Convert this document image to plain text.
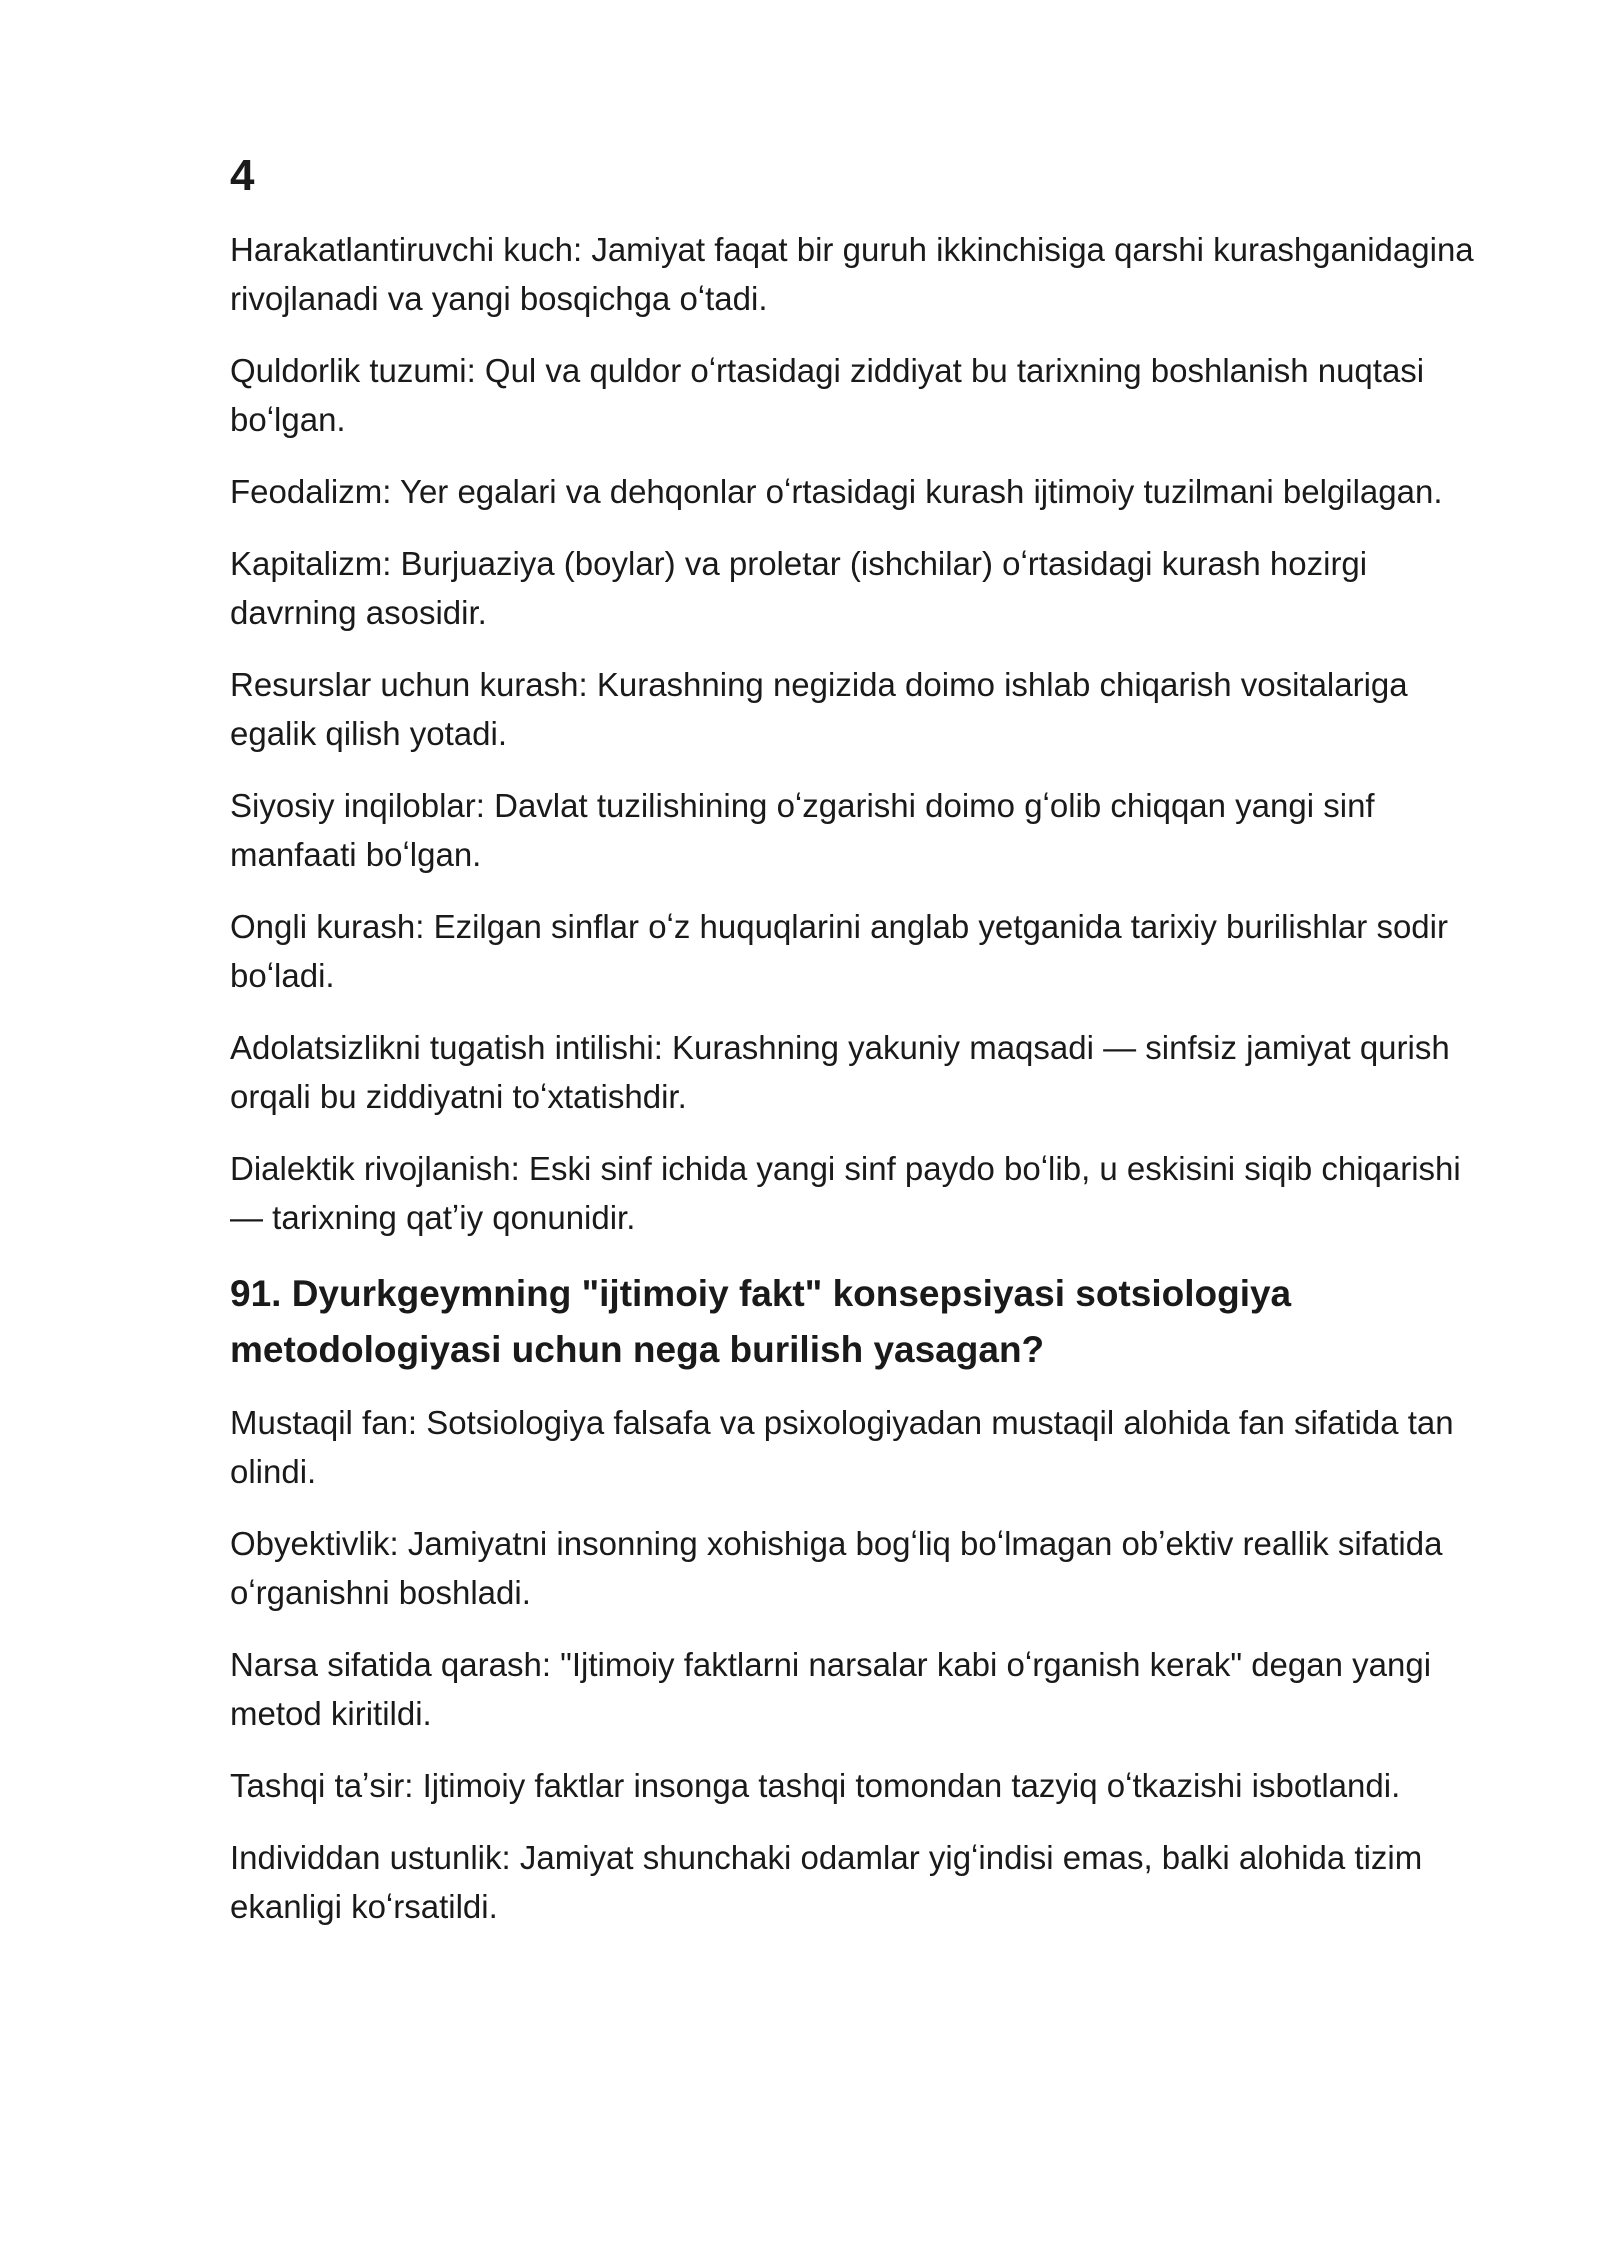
4

Harakatlantiruvchi kuch: Jamiyat faqat bir guruh ikkinchisiga qarshi kurashganidagina rivojlanadi va yangi bosqichga oʻtadi.

Quldorlik tuzumi: Qul va quldor oʻrtasidagi ziddiyat bu tarixning boshlanish nuqtasi boʻlgan.

Feodalizm: Yer egalari va dehqonlar oʻrtasidagi kurash ijtimoiy tuzilmani belgilagan.

Kapitalizm: Burjuaziya (boylar) va proletar (ishchilar) oʻrtasidagi kurash hozirgi davrning asosidir.

Resurslar uchun kurash: Kurashning negizida doimo ishlab chiqarish vositalariga egalik qilish yotadi.

Siyosiy inqiloblar: Davlat tuzilishining oʻzgarishi doimo gʻolib chiqqan yangi sinf manfaati boʻlgan.

Ongli kurash: Ezilgan sinflar oʻz huquqlarini anglab yetganida tarixiy burilishlar sodir boʻladi.

Adolatsizlikni tugatish intilishi: Kurashning yakuniy maqsadi — sinfsiz jamiyat qurish orqali bu ziddiyatni toʻxtatishdir.

Dialektik rivojlanish: Eski sinf ichida yangi sinf paydo boʻlib, u eskisini siqib chiqarishi — tarixning qatʼiy qonunidir.

91. Dyurkgeymning "ijtimoiy fakt" konsepsiyasi sotsiologiya metodologiyasi uchun nega burilish yasagan?

Mustaqil fan: Sotsiologiya falsafa va psixologiyadan mustaqil alohida fan sifatida tan olindi.

Obyektivlik: Jamiyatni insonning xohishiga bogʻliq boʻlmagan obʼektiv reallik sifatida oʻrganishni boshladi.

Narsa sifatida qarash: "Ijtimoiy faktlarni narsalar kabi oʻrganish kerak" degan yangi metod kiritildi.

Tashqi taʼsir: Ijtimoiy faktlar insonga tashqi tomondan tazyiq oʻtkazishi isbotlandi.

Individdan ustunlik: Jamiyat shunchaki odamlar yigʻindisi emas, balki alohida tizim ekanligi koʻrsatildi.
